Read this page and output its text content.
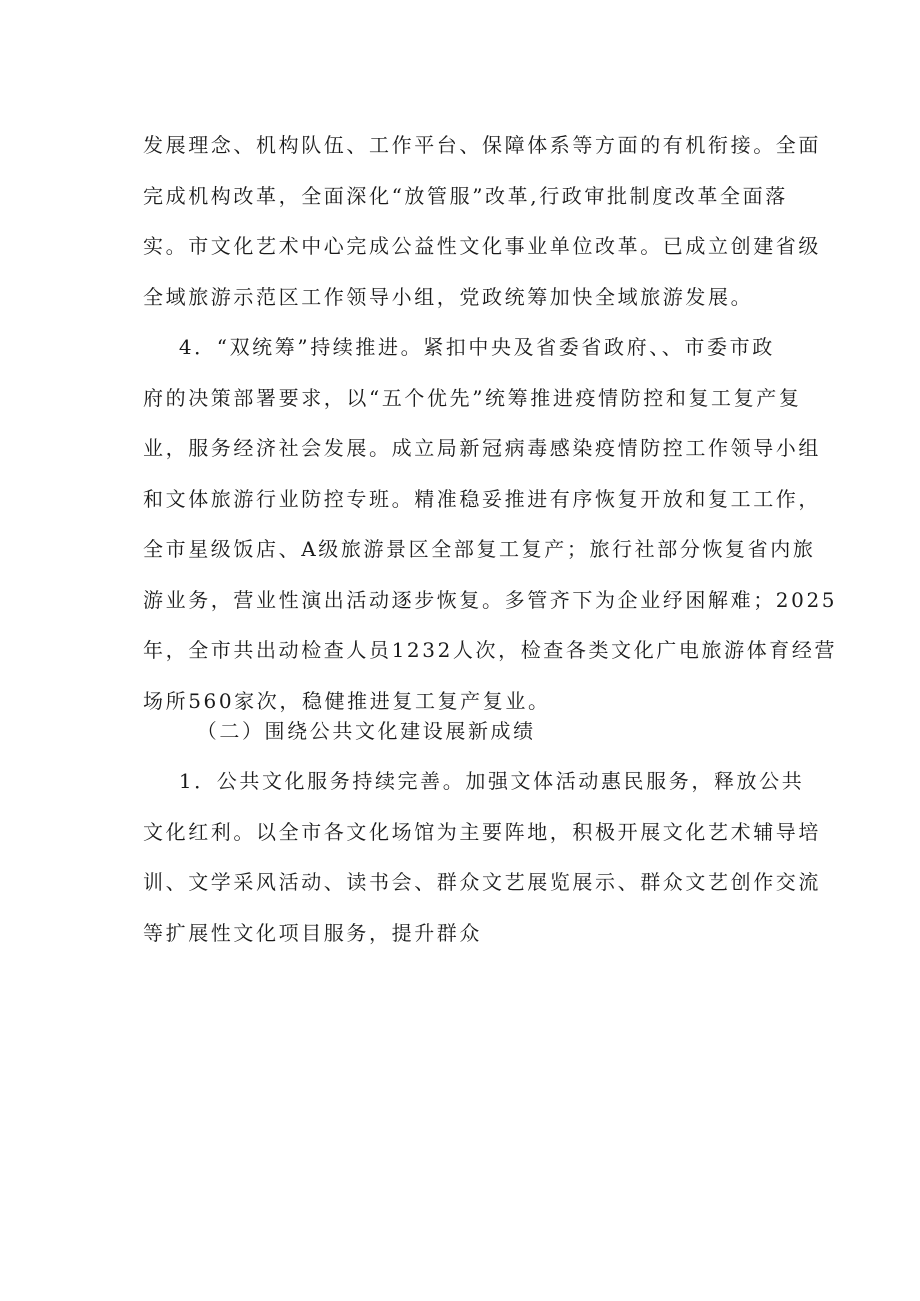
发展理念、机构队伍、工作平台、保障体系等方面的有机衔接。全面
完成机构改革，全面深化“放管服”改革,行政审批制度改革全面落
实。市文化艺术中心完成公益性文化事业单位改革。已成立创建省级
全域旅游示范区工作领导小组，党政统筹加快全域旅游发展。
4．“双统筹”持续推进。紧扣中央及省委省政府、、市委市政
府的决策部署要求，以“五个优先”统筹推进疫情防控和复工复产复
业，服务经济社会发展。成立局新冠病毒感染疫情防控工作领导小组
和文体旅游行业防控专班。精准稳妥推进有序恢复开放和复工工作，
全市星级饭店、A级旅游景区全部复工复产；旅行社部分恢复省内旅
游业务，营业性演出活动逐步恢复。多管齐下为企业纾困解难；2025
年，全市共出动检查人员1232人次，检查各类文化广电旅游体育经营
场所560家次，稳健推进复工复产复业。
（二）围绕公共文化建设展新成绩
1．公共文化服务持续完善。加强文体活动惠民服务，释放公共
文化红利。以全市各文化场馆为主要阵地，积极开展文化艺术辅导培
训、文学采风活动、读书会、群众文艺展览展示、群众文艺创作交流
等扩展性文化项目服务，提升群众
